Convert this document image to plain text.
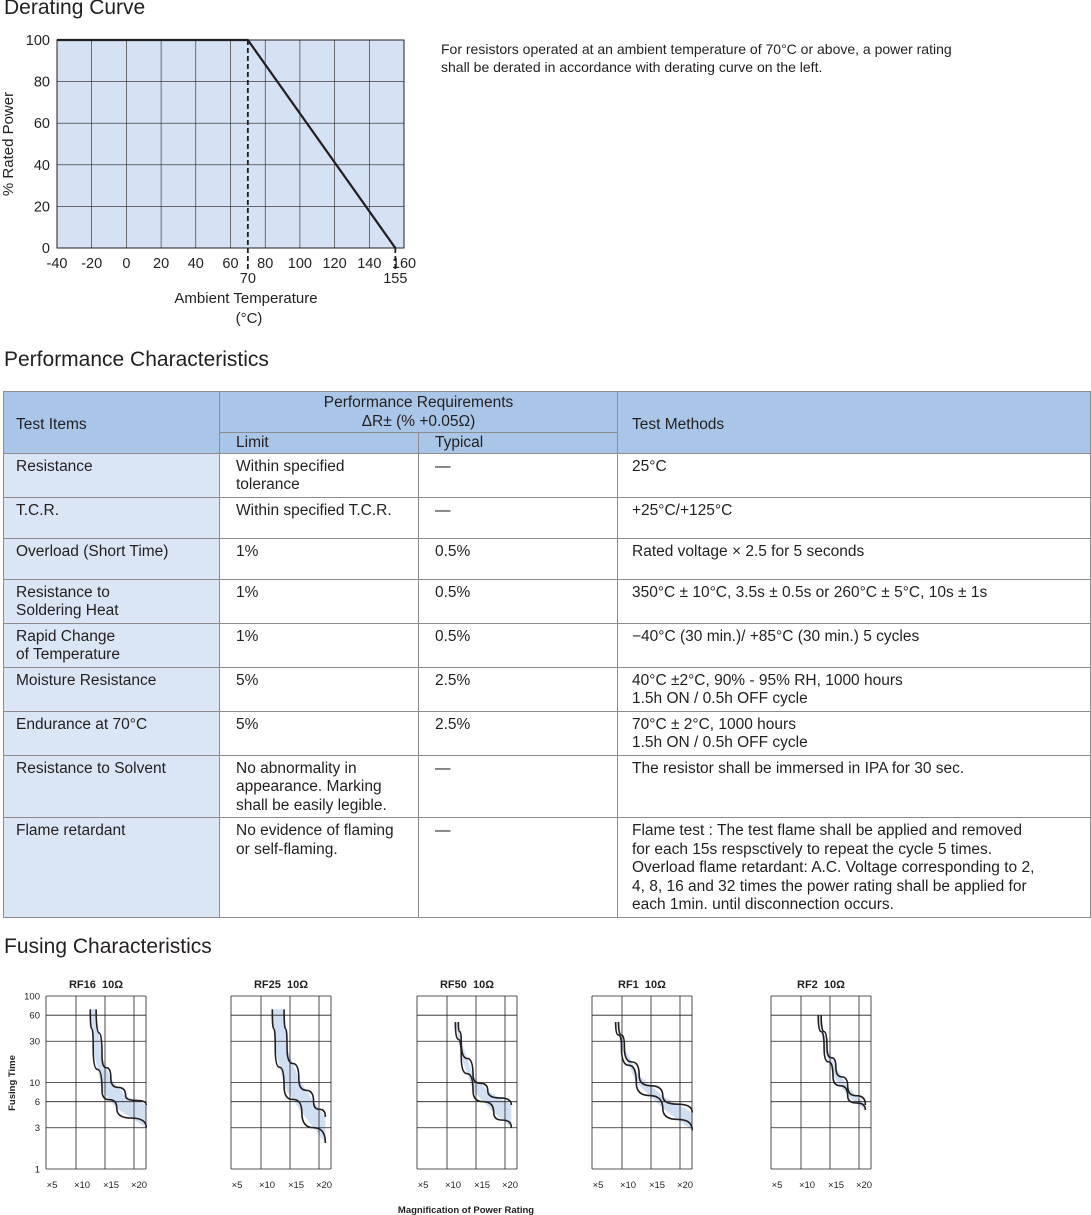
Derating Curve
-40 -20 0 20 40 60 80 100 120 140 160
0
20
40
60
80
100
70	155
Ambient Temperature
(°C)
% Rated Power

For resistors operated at an ambient temperature of 70°C or above, a power rating shall be derated in accordance with derating curve on the left.

Performance Characteristics
Test Items	Performance Requirements
ΔR± (% +0.05Ω)		Test Methods
	Limit	Typical	

Resistance	Within specified
tolerance	—	25°C

T.C.R.	Within specified T.C.R.	—	+25°C/+125°C

Overload (Short Time)	1%	0.5%	Rated voltage × 2.5 for 5 seconds

Resistance to
Soldering Heat	1%	0.5%	350°C ± 10°C, 3.5s ± 0.5s or 260°C ± 5°C, 10s ± 1s

Rapid Change
of Temperature	1%	0.5%	−40°C (30 min.)/ +85°C (30 min.) 5 cycles

Moisture Resistance	5%	2.5%	40°C ±2°C, 90% - 95% RH, 1000 hours
1.5h ON / 0.5h OFF cycle

Endurance at 70°C	5%	2.5%	70°C ± 2°C, 1000 hours
1.5h ON / 0.5h OFF cycle

Resistance to Solvent	No abnormality in
appearance. Marking
shall be easily legible.	—	The resistor shall be immersed in IPA for 30 sec.

Flame retardant	No evidence of flaming
or self-flaming.	—	Flame test : The test flame shall be applied and removed
for each 15s respsctively to repeat the cycle 5 times.
Overload flame retardant: A.C. Voltage corresponding to 2,
4, 8, 16 and 32 times the power rating shall be applied for
each 1min. until disconnection occurs.
Fusing Characteristics
RF16  10Ω
×5 ×10 ×15 ×20
1
3
6
10
30
60
100
RF25  10Ω
×5 ×10 ×15 ×20
RF50  10Ω
×5 ×10 ×15 ×20
RF1  10Ω
×5 ×10 ×15 ×20
RF2  10Ω
×5 ×10 ×15 ×20
Fusing Time
Magnification of Power Rating
